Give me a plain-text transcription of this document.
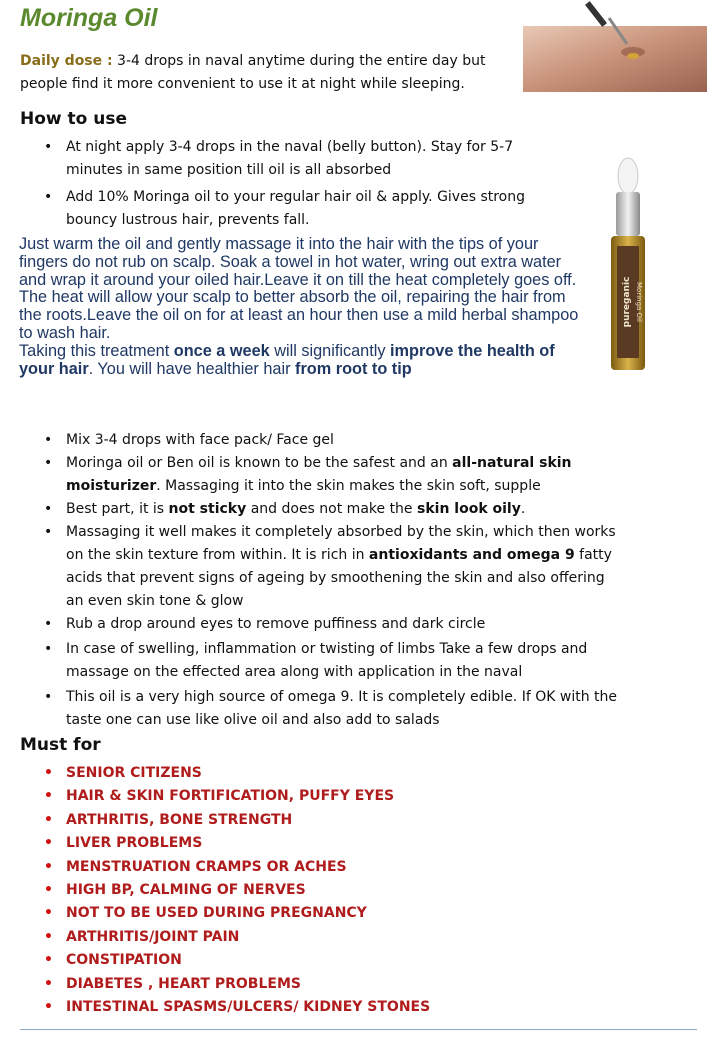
Moringa Oil
Daily dose : 3-4 drops in naval anytime during the entire day but people find it more convenient to use it at night while sleeping.
How to use
• At night apply 3-4 drops in the naval (belly button). Stay for 5-7 minutes in same position till oil is all absorbed
• Add 10% Moringa oil to your regular hair oil & apply. Gives strong bouncy lustrous hair, prevents fall.
pureganic Moringa Oil

Just warm the oil and gently massage it into the hair with the tips of your fingers do not rub on scalp. Soak a towel in hot water, wring out extra water and wrap it around your oiled hair.Leave it on till the heat completely goes off. The heat will allow your scalp to better absorb the oil, repairing the hair from the roots.Leave the oil on for at least an hour then use a mild herbal shampoo to wash hair.
Taking this treatment once a week will significantly improve the health of your hair. You will have healthier hair from root to tip

• Mix 3-4 drops with face pack/ Face gel
• Moringa oil or Ben oil is known to be the safest and an all-natural skin moisturizer. Massaging it into the skin makes the skin soft, supple
• Best part, it is not sticky and does not make the skin look oily.
• Massaging it well makes it completely absorbed by the skin, which then works on the skin texture from within. It is rich in antioxidants and omega 9 fatty acids that prevent signs of ageing by smoothening the skin and also offering an even skin tone & glow
• Rub a drop around eyes to remove puffiness and dark circle
• In case of swelling, inflammation or twisting of limbs Take a few drops and massage on the effected area along with application in the naval
• This oil is a very high source of omega 9. It is completely edible. If OK with the taste one can use like olive oil and also add to salads
Must for
• SENIOR CITIZENS
• HAIR & SKIN FORTIFICATION, PUFFY EYES
• ARTHRITIS, BONE STRENGTH
• LIVER PROBLEMS
• MENSTRUATION CRAMPS OR ACHES
• HIGH BP, CALMING OF NERVES
• NOT TO BE USED DURING PREGNANCY
• ARTHRITIS/JOINT PAIN
• CONSTIPATION
• DIABETES , HEART PROBLEMS
• INTESTINAL SPASMS/ULCERS/ KIDNEY STONES
